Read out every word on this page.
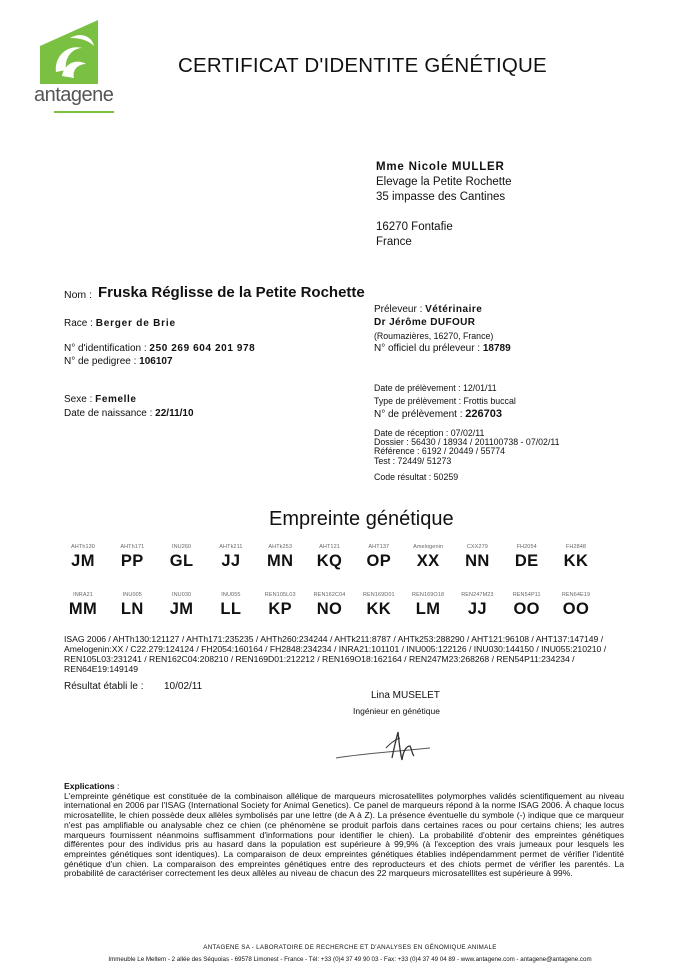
antagene
CERTIFICAT D'IDENTITE GÉNÉTIQUE
Mme Nicole MULLER
Elevage la Petite Rochette
35 impasse des Cantines
16270 Fontafie
France
Nom : Fruska Réglisse de la Petite Rochette
Race : Berger de Brie
N° d'identification : 250 269 604 201 978
N° de pedigree : 106107
Sexe : Femelle
Date de naissance : 22/11/10
Préleveur : Vétérinaire
Dr Jérôme DUFOUR
(Roumazières, 16270, France)
N° officiel du préleveur : 18789
Date de prélèvement : 12/01/11
Type de prélèvement : Frottis buccal
N° de prélèvement : 226703
Date de réception : 07/02/11
Dossier : 56430 / 18934 / 201100738 - 07/02/11
Référence : 6192 / 20449 / 55774
Test : 72449/ 51273
Code résultat : 50259
Empreinte génétique
AHTh130
JM
AHTh171
PP
INU260
GL
AHTk211
JJ
AHTk253
MN
AHT121
KQ
AHT137
OP
Amelogenin
XX
CXX279
NN
FH2054
DE
FH2848
KK
INRA21
MM
INU005
LN
INU030
JM
INU055
LL
REN105L03
KP
REN162C04
NO
REN169D01
KK
REN169O18
LM
REN247M23
JJ
REN54P11
OO
REN64E19
OO
ISAG 2006 / AHTh130:121127 / AHTh171:235235 / AHTh260:234244 / AHTk211:8787 / AHTk253:288290 / AHT121:96108 / AHT137:147149 / Amelogenin:XX / C22.279:124124 / FH2054:160164 / FH2848:234234 / INRA21:101101 / INU005:122126 / INU030:144150 / INU055:210210 / REN105L03:231241 / REN162C04:208210 / REN169D01:212212 / REN169O18:162164 / REN247M23:268268 / REN54P11:234234 / REN64E19:149149
Résultat établi le : 10/02/11
Lina MUSELET
Ingénieur en génétique
Explications :
L'empreinte génétique est constituée de la combinaison allélique de marqueurs microsatellites polymorphes validés scientifiquement au niveau international en 2006 par l'ISAG (International Society for Animal Genetics). Ce panel de marqueurs répond à la norme ISAG 2006. À chaque locus microsatellite, le chien possède deux allèles symbolisés par une lettre (de A à Z). La présence éventuelle du symbole (-) indique que ce marqueur n'est pas amplifiable ou analysable chez ce chien (ce phénomène se produit parfois dans certaines races ou pour certains chiens; les autres marqueurs fournissent néanmoins suffisamment d'informations pour identifier le chien). La probabilité d'obtenir des empreintes génétiques différentes pour des individus pris au hasard dans la population est supérieure à 99,9% (à l'exception des vrais jumeaux pour lesquels les empreintes génétiques sont identiques). La comparaison de deux empreintes génétiques établies indépendamment permet de vérifier l'identité génétique d'un chien. La comparaison des empreintes génétiques entre des reproducteurs et des chiots permet de vérifier les parentés. La probabilité de caractériser correctement les deux allèles au niveau de chacun des 22 marqueurs microsatellites est supérieure à 99%.
ANTAGENE SA - LABORATOIRE DE RECHERCHE ET D'ANALYSES EN GÉNOMIQUE ANIMALE
Immeuble Le Meltem - 2 allée des Séquoias - 69578 Limonest - France - Tél: +33 (0)4 37 49 90 03 - Fax: +33 (0)4 37 49 04 89 - www.antagene.com - antagene@antagene.com
